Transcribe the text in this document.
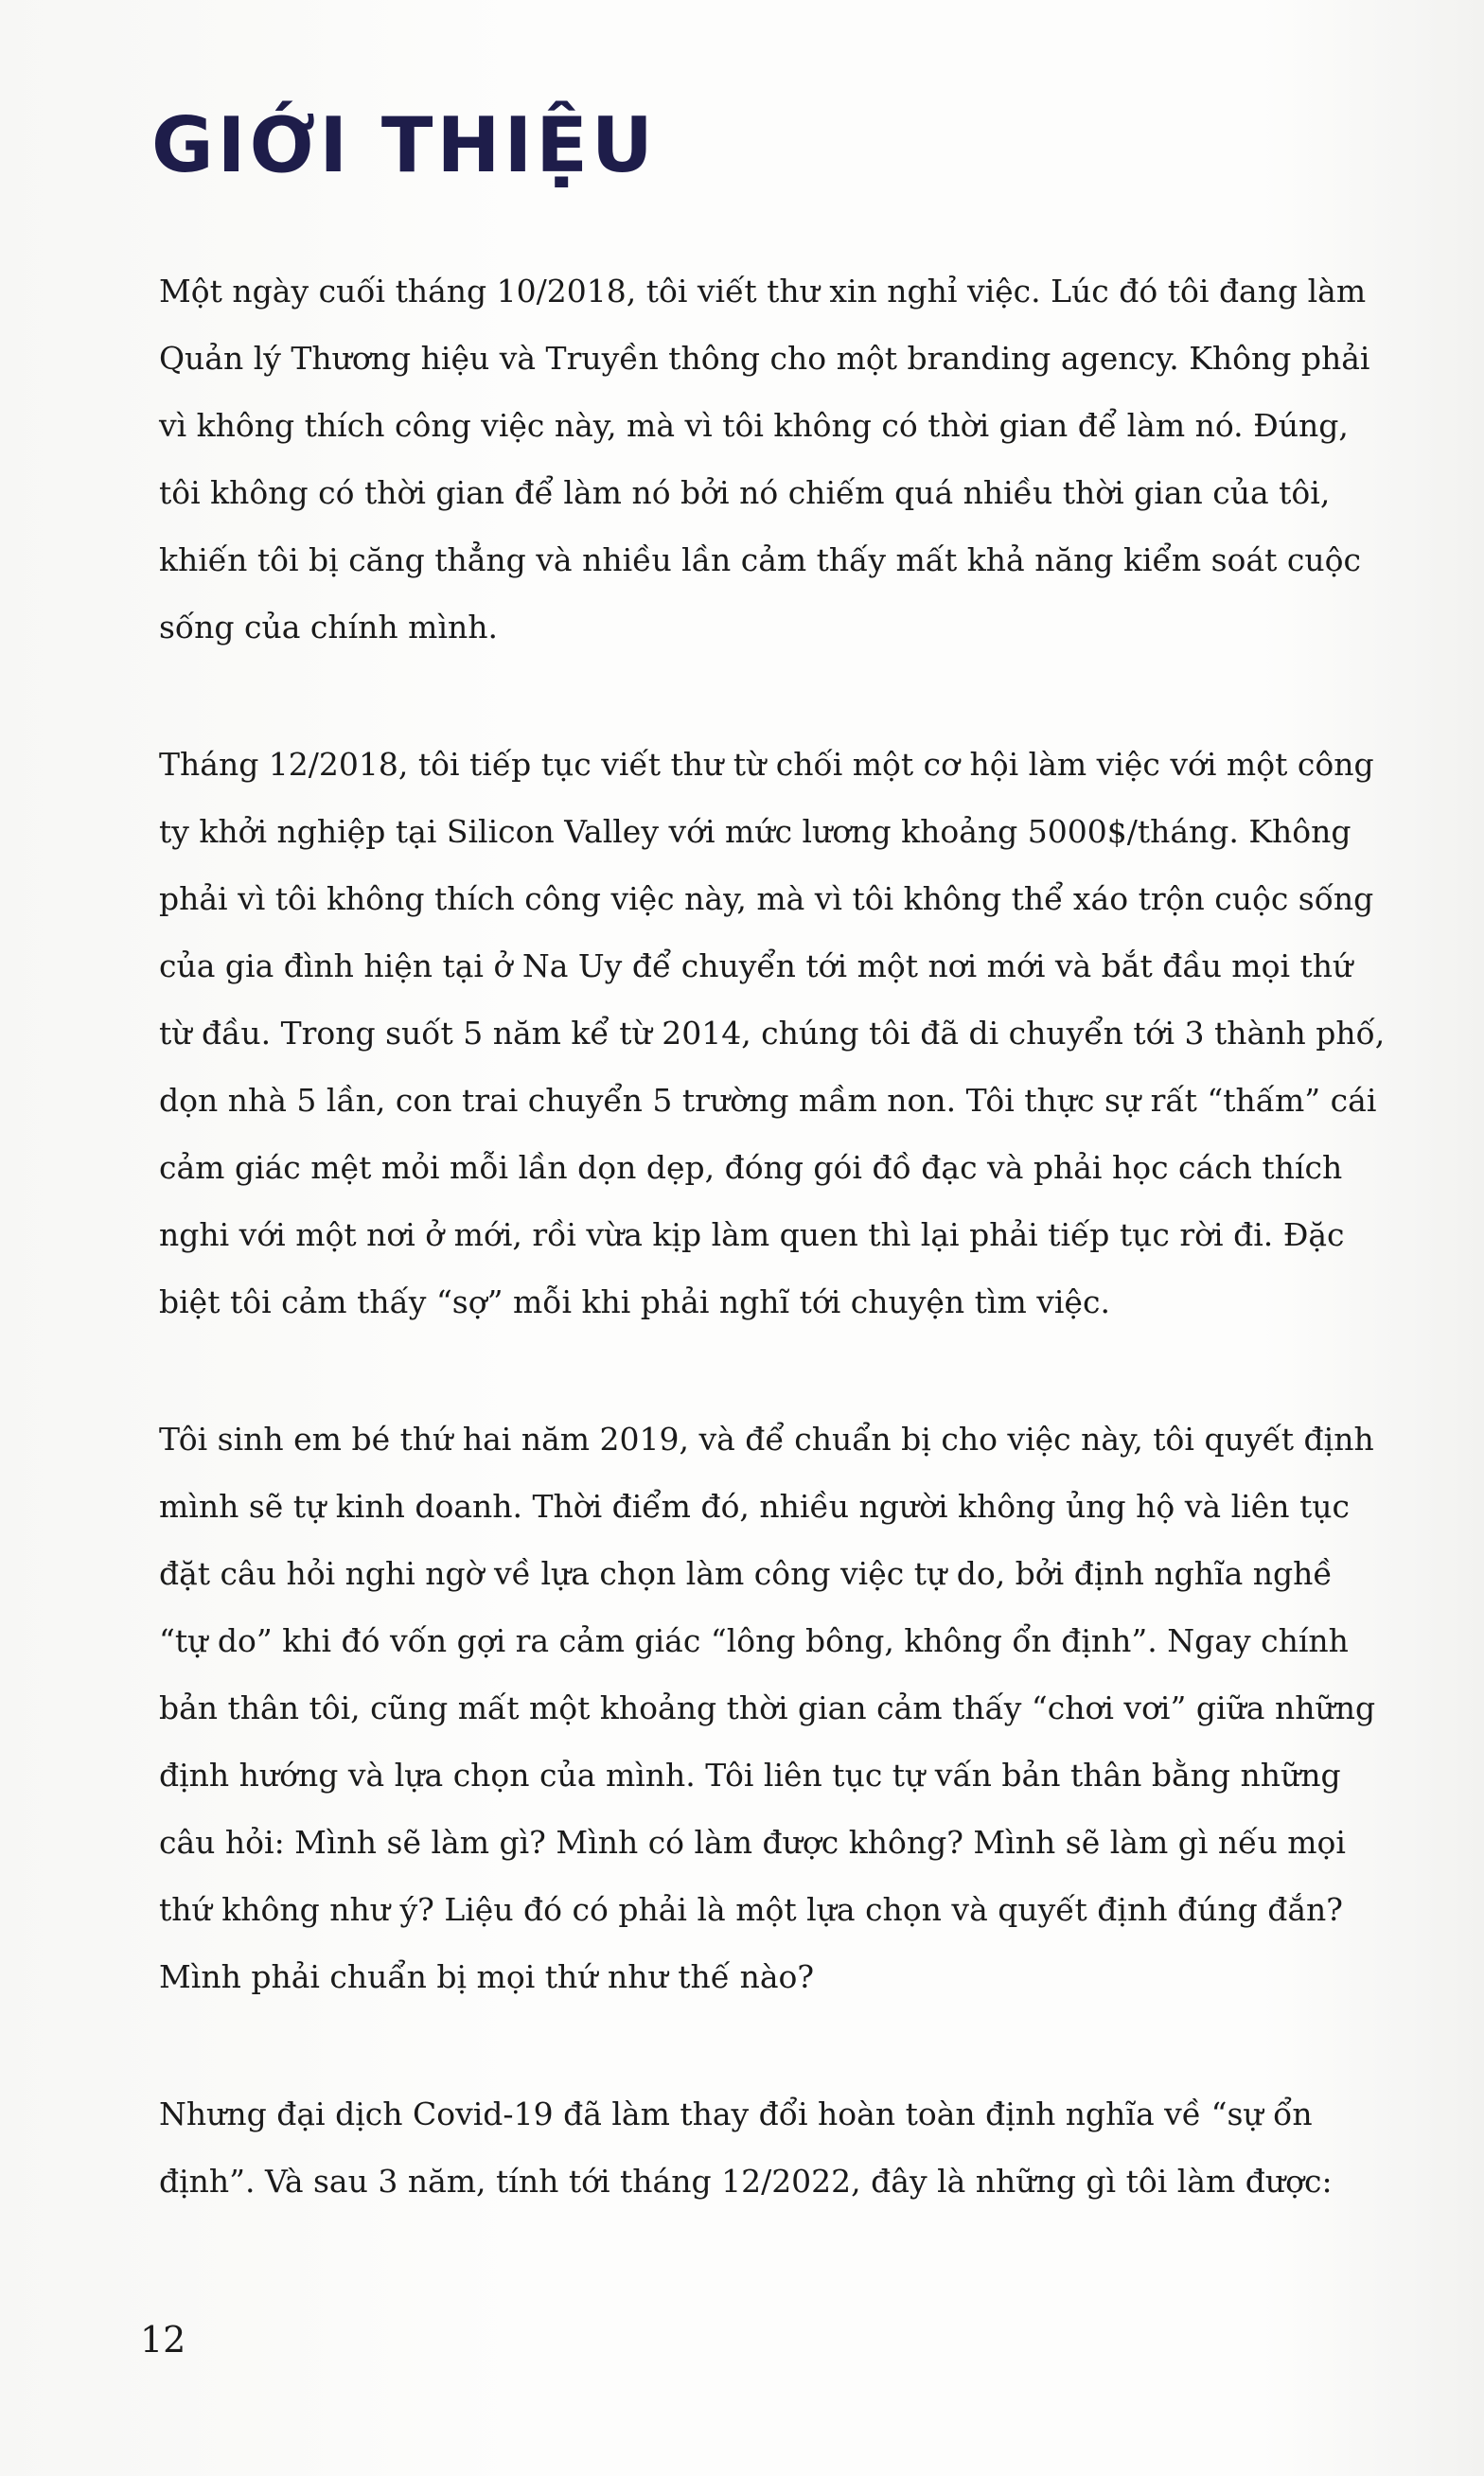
GIỚI THIỆU

Một ngày cuối tháng 10/2018, tôi viết thư xin nghỉ việc. Lúc đó tôi đang làm Quản lý Thương hiệu và Truyền thông cho một branding agency. Không phải vì không thích công việc này, mà vì tôi không có thời gian để làm nó. Đúng, tôi không có thời gian để làm nó bởi nó chiếm quá nhiều thời gian của tôi, khiến tôi bị căng thẳng và nhiều lần cảm thấy mất khả năng kiểm soát cuộc sống của chính mình.

Tháng 12/2018, tôi tiếp tục viết thư từ chối một cơ hội làm việc với một công ty khởi nghiệp tại Silicon Valley với mức lương khoảng 5000$/tháng. Không phải vì tôi không thích công việc này, mà vì tôi không thể xáo trộn cuộc sống của gia đình hiện tại ở Na Uy để chuyển tới một nơi mới và bắt đầu mọi thứ từ đầu. Trong suốt 5 năm kể từ 2014, chúng tôi đã di chuyển tới 3 thành phố, dọn nhà 5 lần, con trai chuyển 5 trường mầm non. Tôi thực sự rất “thấm” cái cảm giác mệt mỏi mỗi lần dọn dẹp, đóng gói đồ đạc và phải học cách thích nghi với một nơi ở mới, rồi vừa kịp làm quen thì lại phải tiếp tục rời đi. Đặc biệt tôi cảm thấy “sợ” mỗi khi phải nghĩ tới chuyện tìm việc.

Tôi sinh em bé thứ hai năm 2019, và để chuẩn bị cho việc này, tôi quyết định mình sẽ tự kinh doanh. Thời điểm đó, nhiều người không ủng hộ và liên tục đặt câu hỏi nghi ngờ về lựa chọn làm công việc tự do, bởi định nghĩa nghề “tự do” khi đó vốn gợi ra cảm giác “lông bông, không ổn định”. Ngay chính bản thân tôi, cũng mất một khoảng thời gian cảm thấy “chơi vơi” giữa những định hướng và lựa chọn của mình. Tôi liên tục tự vấn bản thân bằng những câu hỏi: Mình sẽ làm gì? Mình có làm được không? Mình sẽ làm gì nếu mọi thứ không như ý? Liệu đó có phải là một lựa chọn và quyết định đúng đắn? Mình phải chuẩn bị mọi thứ như thế nào?

Nhưng đại dịch Covid-19 đã làm thay đổi hoàn toàn định nghĩa về “sự ổn định”. Và sau 3 năm, tính tới tháng 12/2022, đây là những gì tôi làm được:

12
